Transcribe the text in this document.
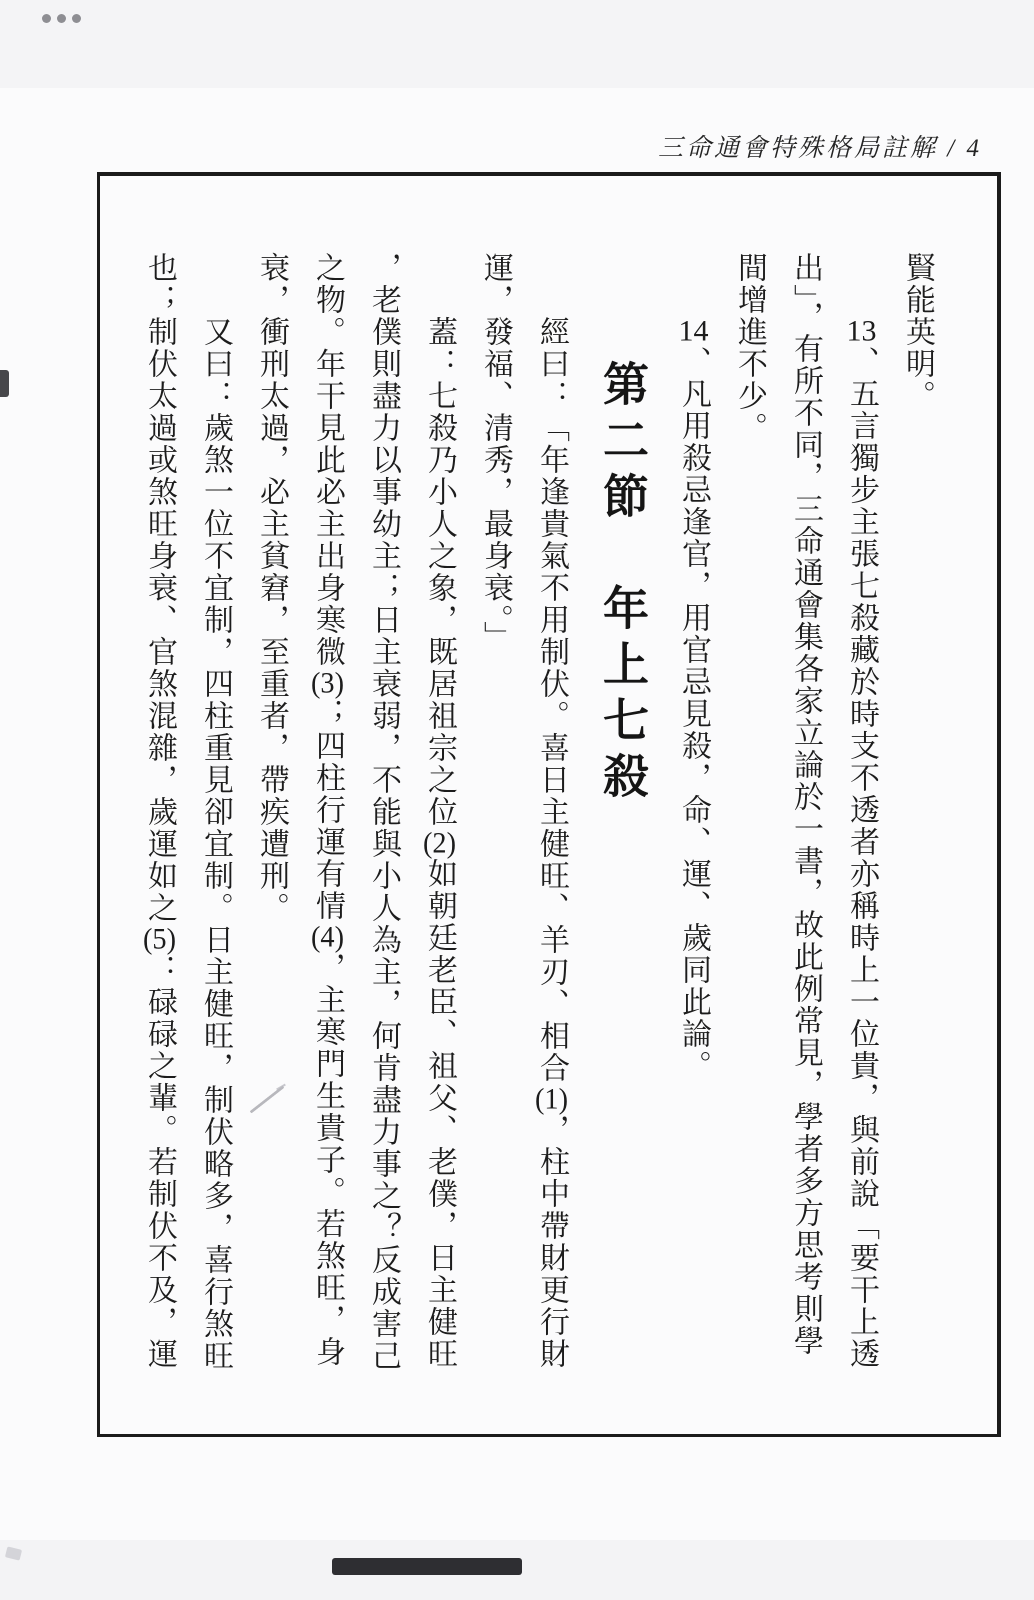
三命通會特殊格局註解 / 4
賢能英明。
13、五言獨步主張七殺藏於時支不透者亦稱時上一位貴，與前說「要干上透
出」，有所不同，三命通會集各家立論於一書，故此例常見，學者多方思考則學
間增進不少。
14、凡用殺忌逢官，用官忌見殺，命、運、歲同此論。
第二節　年上七殺
經曰：「年逢貴氣不用制伏。喜日主健旺、羊刃、相合(1)，柱中帶財更行財
運，發福、清秀，最身衰。」
蓋：七殺乃小人之象，既居祖宗之位(2)如朝廷老臣、祖父、老僕，日主健旺
，老僕則盡力以事幼主；日主衰弱，不能與小人為主，何肯盡力事之？反成害己
之物。年干見此必主出身寒微(3)；四柱行運有情(4)，主寒門生貴子。若煞旺，身
衰，衝刑太過，必主貧窘，至重者，帶疾遭刑。
又曰：歲煞一位不宜制，四柱重見卻宜制。日主健旺，制伏略多，喜行煞旺
也；制伏太過或煞旺身衰、官煞混雜，歲運如之(5)：碌碌之輩。若制伏不及，運
